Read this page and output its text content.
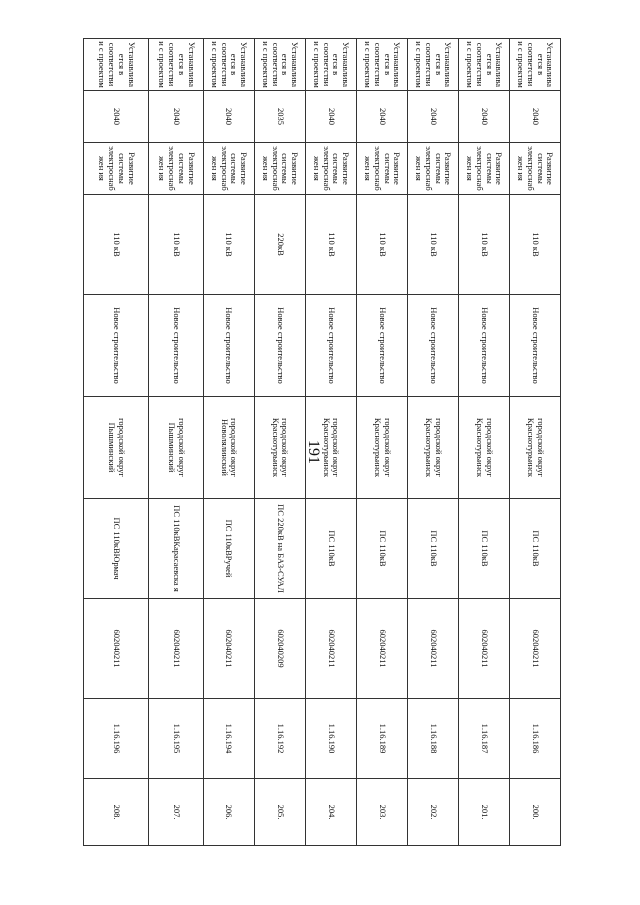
191
Устанавливается в соответствии с проектом	2040	Развитие системы электроснабжен ия	110 кВ	Новое строительство	городской округ Краснотурьинск	ПС 110кВ	602040211	1.16.186	200.
Устанавливается в соответствии с проектом	2040	Развитие системы электроснабжен ия	110 кВ	Новое строительство	городской округ Краснотурьинск	ПС 110кВ	602040211	1.16.187	201.
Устанавливается в соответствии с проектом	2040	Развитие системы электроснабжен ия	110 кВ	Новое строительство	городской округ Краснотурьинск	ПС 110кВ	602040211	1.16.188	202.
Устанавливается в соответствии с проектом	2040	Развитие системы электроснабжен ия	110 кВ	Новое строительство	городской округ Краснотурьинск	ПС 110кВ	602040211	1.16.189	203.
Устанавливается в соответствии с проектом	2040	Развитие системы электроснабжен ия	110 кВ	Новое строительство	городской округ Краснотурьинск	ПС 110кВ	602040211	1.16.190	204.
Устанавливается в соответствии с проектом	2035	Развитие системы электроснабжен ия	220кВ	Новое строительство	городской округ Краснотурьинск	ПС 220кВ на БАЗ-СУАЛ	602040209	1.16.192	205.
Устанавливается в соответствии с проектом	2040	Развитие системы электроснабжен ия	110 кВ	Новое строительство	городской округ Новолялинский	ПС 110кВРучей	602040211	1.16.194	206.
Устанавливается в соответствии с проектом	2040	Развитие системы электроснабжен ия	110 кВ	Новое строительство	городской округ Пышминский	ПС 110кВКарасаевска я	602040211	1.16.195	207.
Устанавливается в соответствии с проектом	2040	Развитие системы электроснабжен ия	110 кВ	Новое строительство	городской округ Пышминский	ПС 110кВЮрмач	602040211	1.16.196	208.
